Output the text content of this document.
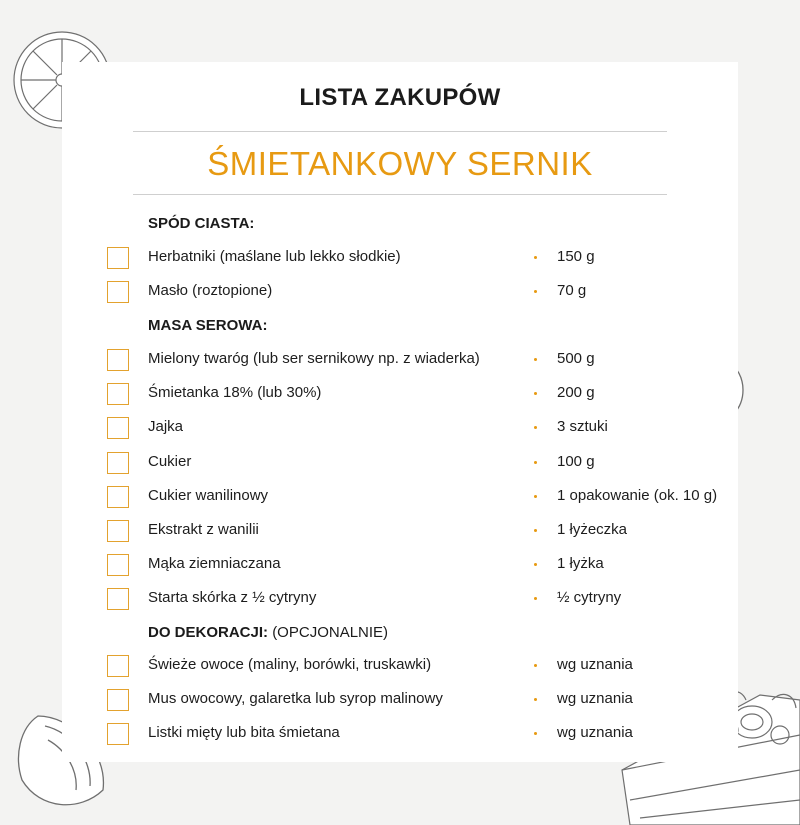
LISTA ZAKUPÓW
ŚMIETANKOWY SERNIK
SPÓD CIASTA:
Herbatniki (maślane lub lekko słodkie)	150 g
Masło (roztopione)	70 g
MASA SEROWA:
Mielony twaróg (lub ser sernikowy np. z wiaderka)	500 g
Śmietanka 18% (lub 30%)	200 g
Jajka	3 sztuki
Cukier	100 g
Cukier wanilinowy	1 opakowanie (ok. 10 g)
Ekstrakt z wanilii	1 łyżeczka
Mąka ziemniaczana	1 łyżka
Starta skórka z ½ cytryny	½ cytryny
DO DEKORACJI: (OPCJONALNIE)
Świeże owoce (maliny, borówki, truskawki)	wg uznania
Mus owocowy, galaretka lub syrop malinowy	wg uznania
Listki mięty lub bita śmietana	wg uznania
